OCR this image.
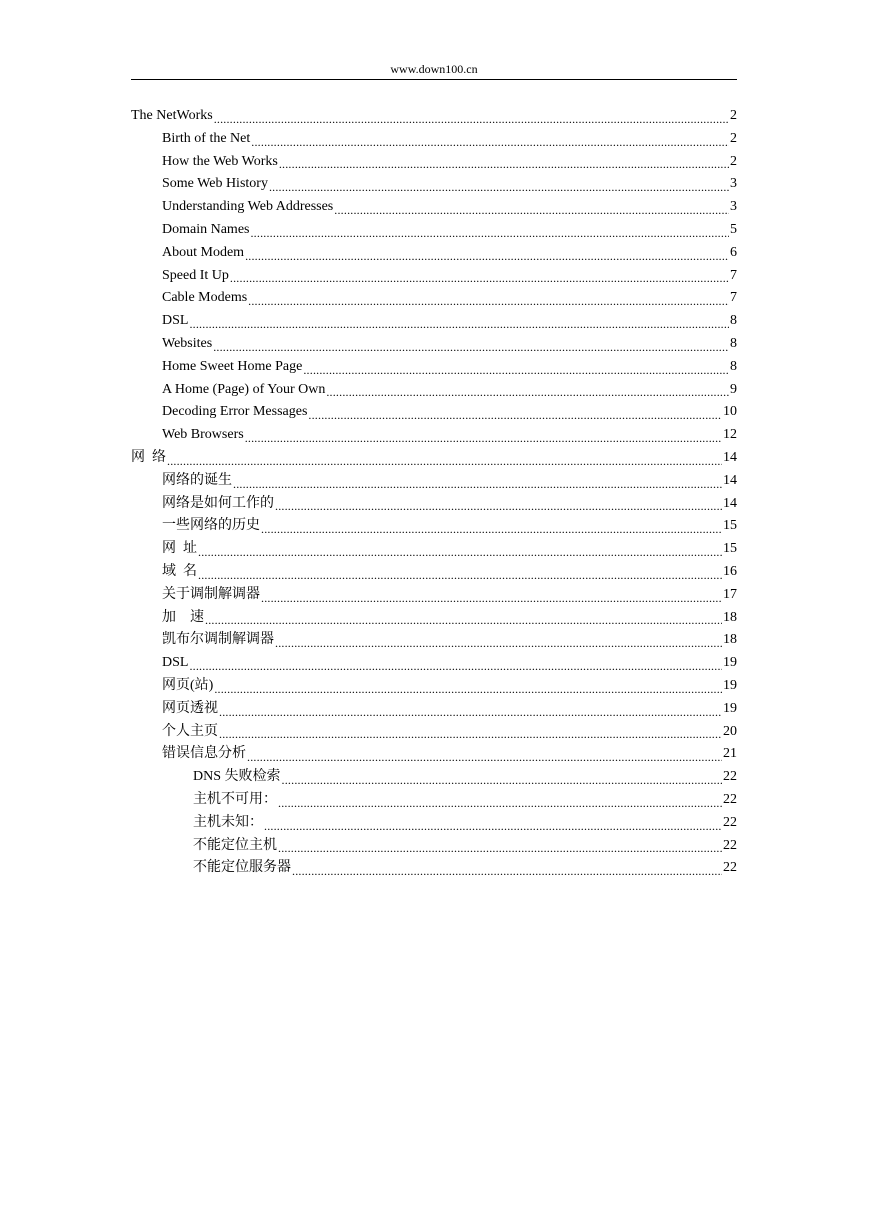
www.down100.cn
The NetWorks .....	2
Birth of the Net .....	2
How the Web Works .....	2
Some Web History .....	3
Understanding Web Addresses .....	3
Domain Names .....	5
About Modem .....	6
Speed It Up .....	7
Cable Modems .....	7
DSL .....	8
Websites .....	8
Home Sweet Home Page .....	8
A Home (Page) of Your Own .....	9
Decoding Error Messages .....	10
Web Browsers .....	12
网  络 .....	14
网络的诞生 .....	14
网络是如何工作的 .....	14
一些网络的历史 .....	15
网  址 .....	15
域  名 .....	16
关于调制解调器 .....	17
加    速 .....	18
凯布尔调制解调器 .....	18
DSL .....	19
网页(站) .....	19
网页透视 .....	19
个人主页 .....	20
错误信息分析 .....	21
DNS 失败检索 .....	22
主机不可用： .....	22
主机未知： .....	22
不能定位主机 .....	22
不能定位服务器 .....	22
